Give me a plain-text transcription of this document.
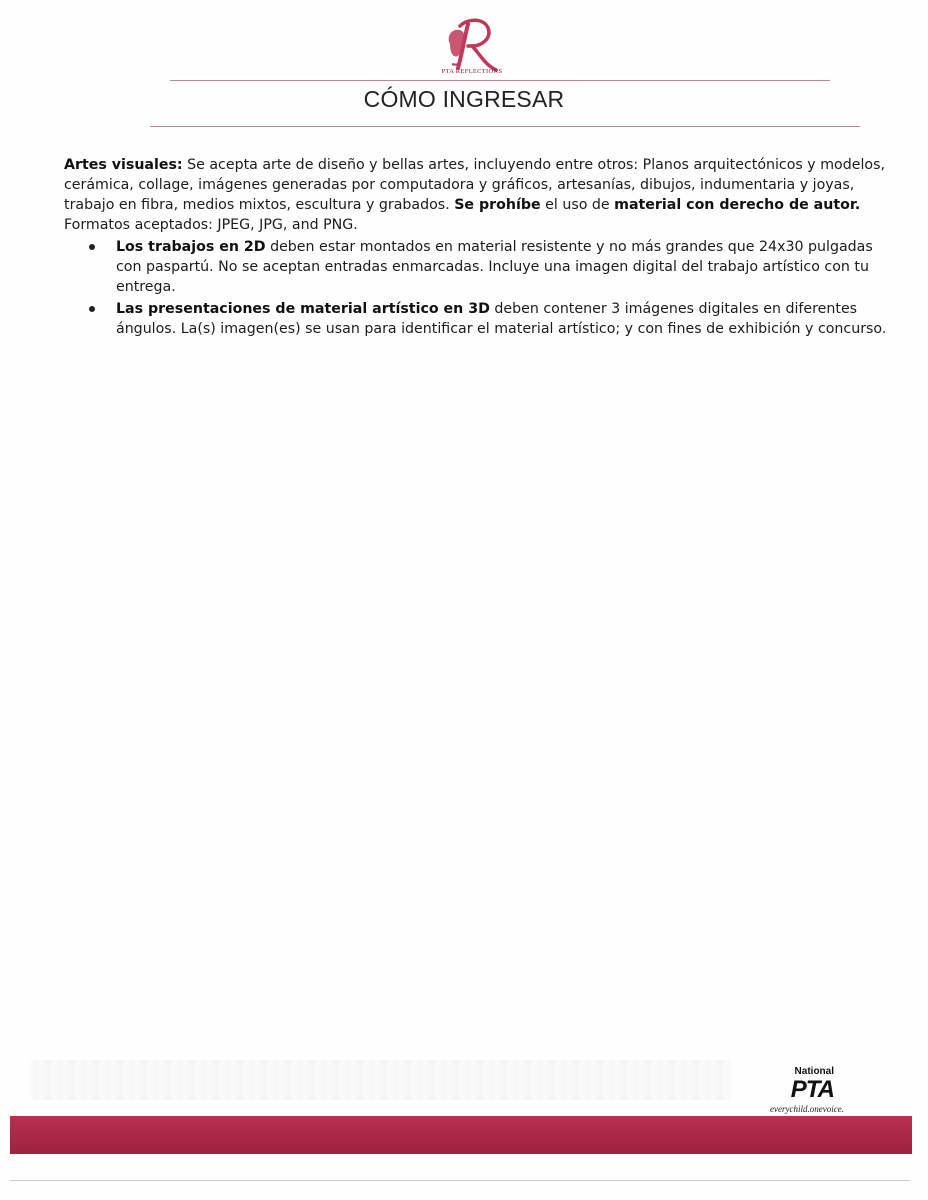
PTA REFLECTIONS
CÓMO INGRESAR

Artes visuales: Se acepta arte de diseño y bellas artes, incluyendo entre otros: Planos arquitectónicos y modelos, cerámica, collage, imágenes generadas por computadora y gráficos, artesanías, dibujos, indumentaria y joyas, trabajo en fibra, medios mixtos, escultura y grabados. Se prohíbe el uso de material con derecho de autor. Formatos aceptados: JPEG, JPG, and PNG.

Los trabajos en 2D deben estar montados en material resistente y no más grandes que 24x30 pulgadas con paspartú. No se aceptan entradas enmarcadas. Incluye una imagen digital del trabajo artístico con tu entrega.
Las presentaciones de material artístico en 3D deben contener 3 imágenes digitales en diferentes ángulos. La(s) imagen(es) se usan para identificar el material artístico; y con fines de exhibición y concurso.
National
PTA
everychild.onevoice.
